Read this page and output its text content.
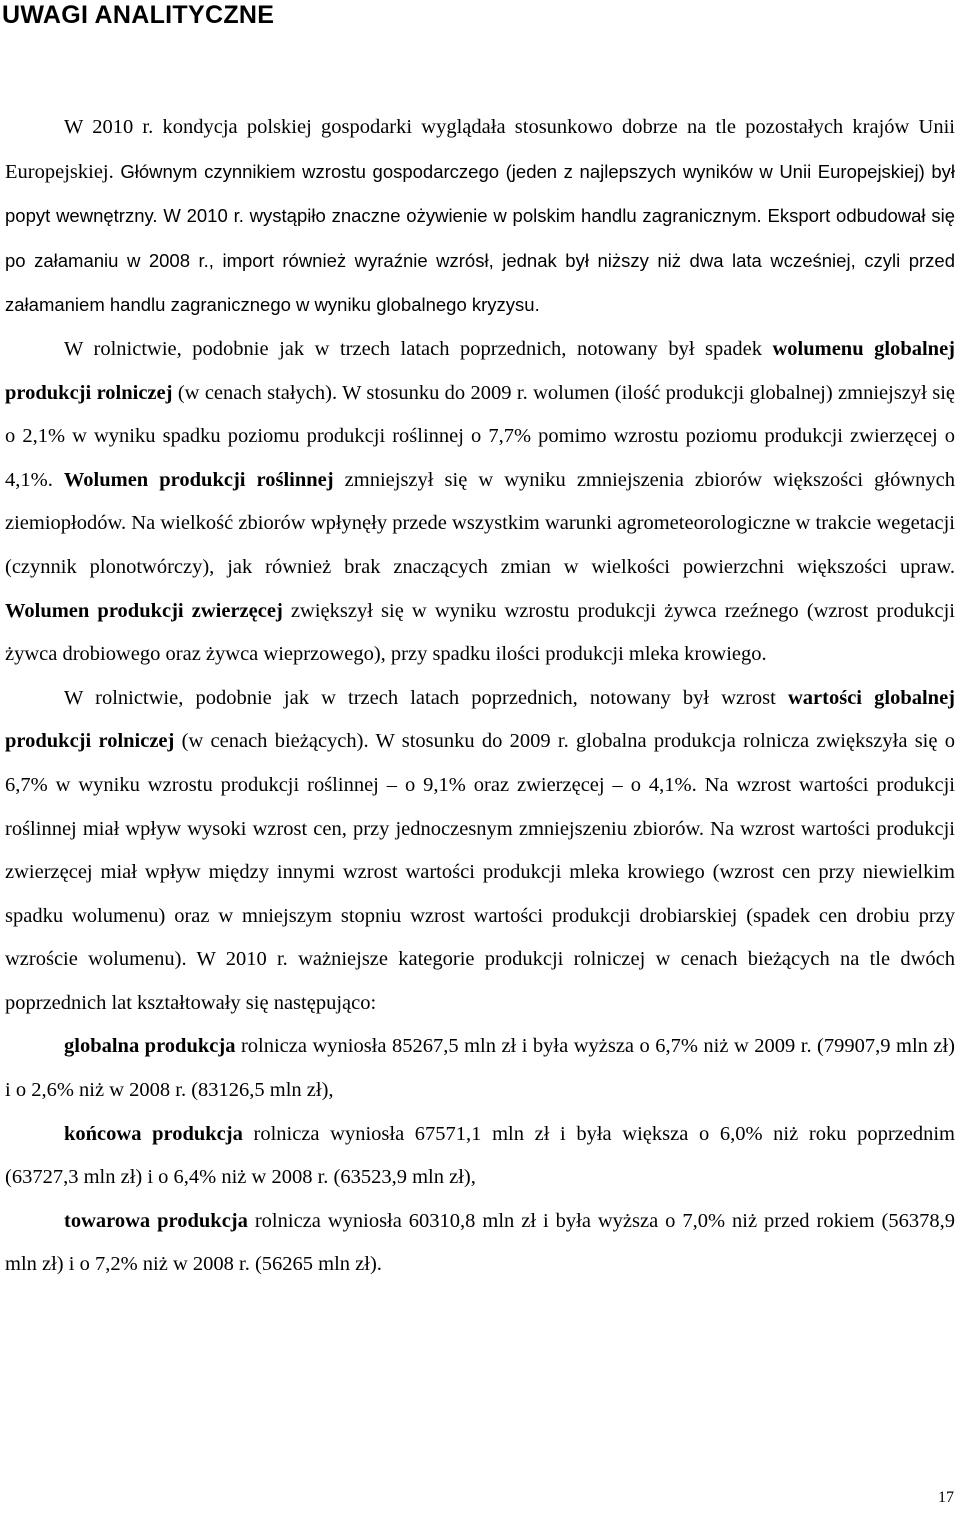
UWAGI ANALITYCZNE

W 2010 r. kondycja polskiej gospodarki wyglądała stosunkowo dobrze na tle pozostałych krajów Unii Europejskiej. Głównym czynnikiem wzrostu gospodarczego (jeden z najlepszych wyników w Unii Europejskiej) był popyt wewnętrzny. W 2010 r. wystąpiło znaczne ożywienie w polskim handlu zagranicznym. Eksport odbudował się po załamaniu w 2008 r., import również wyraźnie wzrósł, jednak był niższy niż dwa lata wcześniej, czyli przed załamaniem handlu zagranicznego w wyniku globalnego kryzysu.

W rolnictwie, podobnie jak w trzech latach poprzednich, notowany był spadek wolumenu globalnej produkcji rolniczej (w cenach stałych). W stosunku do 2009 r. wolumen (ilość produkcji globalnej) zmniejszył się o 2,1% w wyniku spadku poziomu produkcji roślinnej o 7,7% pomimo wzrostu poziomu produkcji zwierzęcej o 4,1%. Wolumen produkcji roślinnej zmniejszył się w wyniku zmniejszenia zbiorów większości głównych ziemiopłodów. Na wielkość zbiorów wpłynęły przede wszystkim warunki agrometeorologiczne w trakcie wegetacji (czynnik plonotwórczy), jak również brak znaczących zmian w wielkości powierzchni większości upraw. Wolumen produkcji zwierzęcej zwiększył się w wyniku wzrostu produkcji żywca rzeźnego (wzrost produkcji żywca drobiowego oraz żywca wieprzowego), przy spadku ilości produkcji mleka krowiego.

W rolnictwie, podobnie jak w trzech latach poprzednich, notowany był wzrost wartości globalnej produkcji rolniczej (w cenach bieżących). W stosunku do 2009 r. globalna produkcja rolnicza zwiększyła się o 6,7% w wyniku wzrostu produkcji roślinnej – o 9,1% oraz zwierzęcej – o 4,1%. Na wzrost wartości produkcji roślinnej miał wpływ wysoki wzrost cen, przy jednoczesnym zmniejszeniu zbiorów. Na wzrost wartości produkcji zwierzęcej miał wpływ między innymi wzrost wartości produkcji mleka krowiego (wzrost cen przy niewielkim spadku wolumenu) oraz w mniejszym stopniu wzrost wartości produkcji drobiarskiej (spadek cen drobiu przy wzroście wolumenu). W 2010 r. ważniejsze kategorie produkcji rolniczej w cenach bieżących na tle dwóch poprzednich lat kształtowały się następująco:

globalna produkcja rolnicza wyniosła 85267,5 mln zł i była wyższa o 6,7% niż w 2009 r. (79907,9 mln zł) i o 2,6% niż w 2008 r. (83126,5 mln zł),

końcowa produkcja rolnicza wyniosła 67571,1 mln zł i była większa o 6,0% niż roku poprzednim (63727,3 mln zł) i o 6,4% niż w 2008 r. (63523,9 mln zł),

towarowa produkcja rolnicza wyniosła 60310,8 mln zł i była wyższa o 7,0% niż przed rokiem (56378,9 mln zł) i o 7,2% niż w 2008 r. (56265 mln zł).

17
